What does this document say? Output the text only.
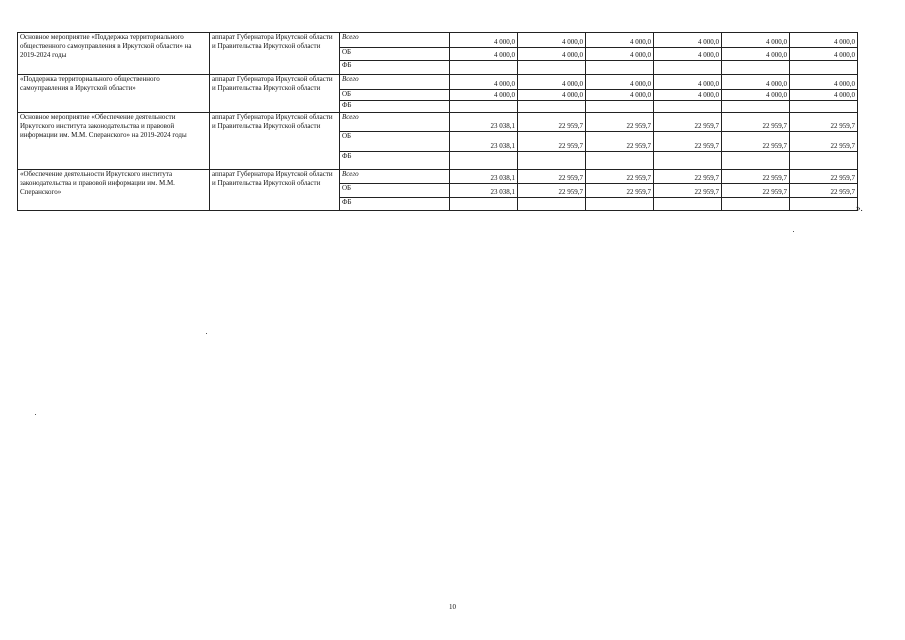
Основное мероприятие «Поддержка территориального общественного самоуправления в Иркутской области» на 2019-2024 годы	аппарат Губернатора Иркутской области и Правительства Иркутской области	Всего	4 000,0	4 000,0	4 000,0	4 000,0	4 000,0	4 000,0
		ОБ	4 000,0	4 000,0	4 000,0	4 000,0	4 000,0	4 000,0
		ФБ						
«Поддержка территориального общественного самоуправления в Иркутской области»	аппарат Губернатора Иркутской области и Правительства Иркутской области	Всего	4 000,0	4 000,0	4 000,0	4 000,0	4 000,0	4 000,0
		ОБ	4 000,0	4 000,0	4 000,0	4 000,0	4 000,0	4 000,0
		ФБ						
Основное мероприятие «Обеспечение деятельности Иркутского института законодательства и правовой информации им. М.М. Сперанского» на 2019-2024 годы	аппарат Губернатора Иркутской области и Правительства Иркутской области	Всего	23 038,1	22 959,7	22 959,7	22 959,7	22 959,7	22 959,7
		ОБ	23 038,1	22 959,7	22 959,7	22 959,7	22 959,7	22 959,7
		ФБ						
«Обеспечение деятельности Иркутского института законодательства и правовой информации им. М.М. Сперанского»	аппарат Губернатора Иркутской области и Правительства Иркутской области	Всего	23 038,1	22 959,7	22 959,7	22 959,7	22 959,7	22 959,7
		ОБ	23 038,1	22 959,7	22 959,7	22 959,7	22 959,7	22 959,7
		ФБ						
».
10
